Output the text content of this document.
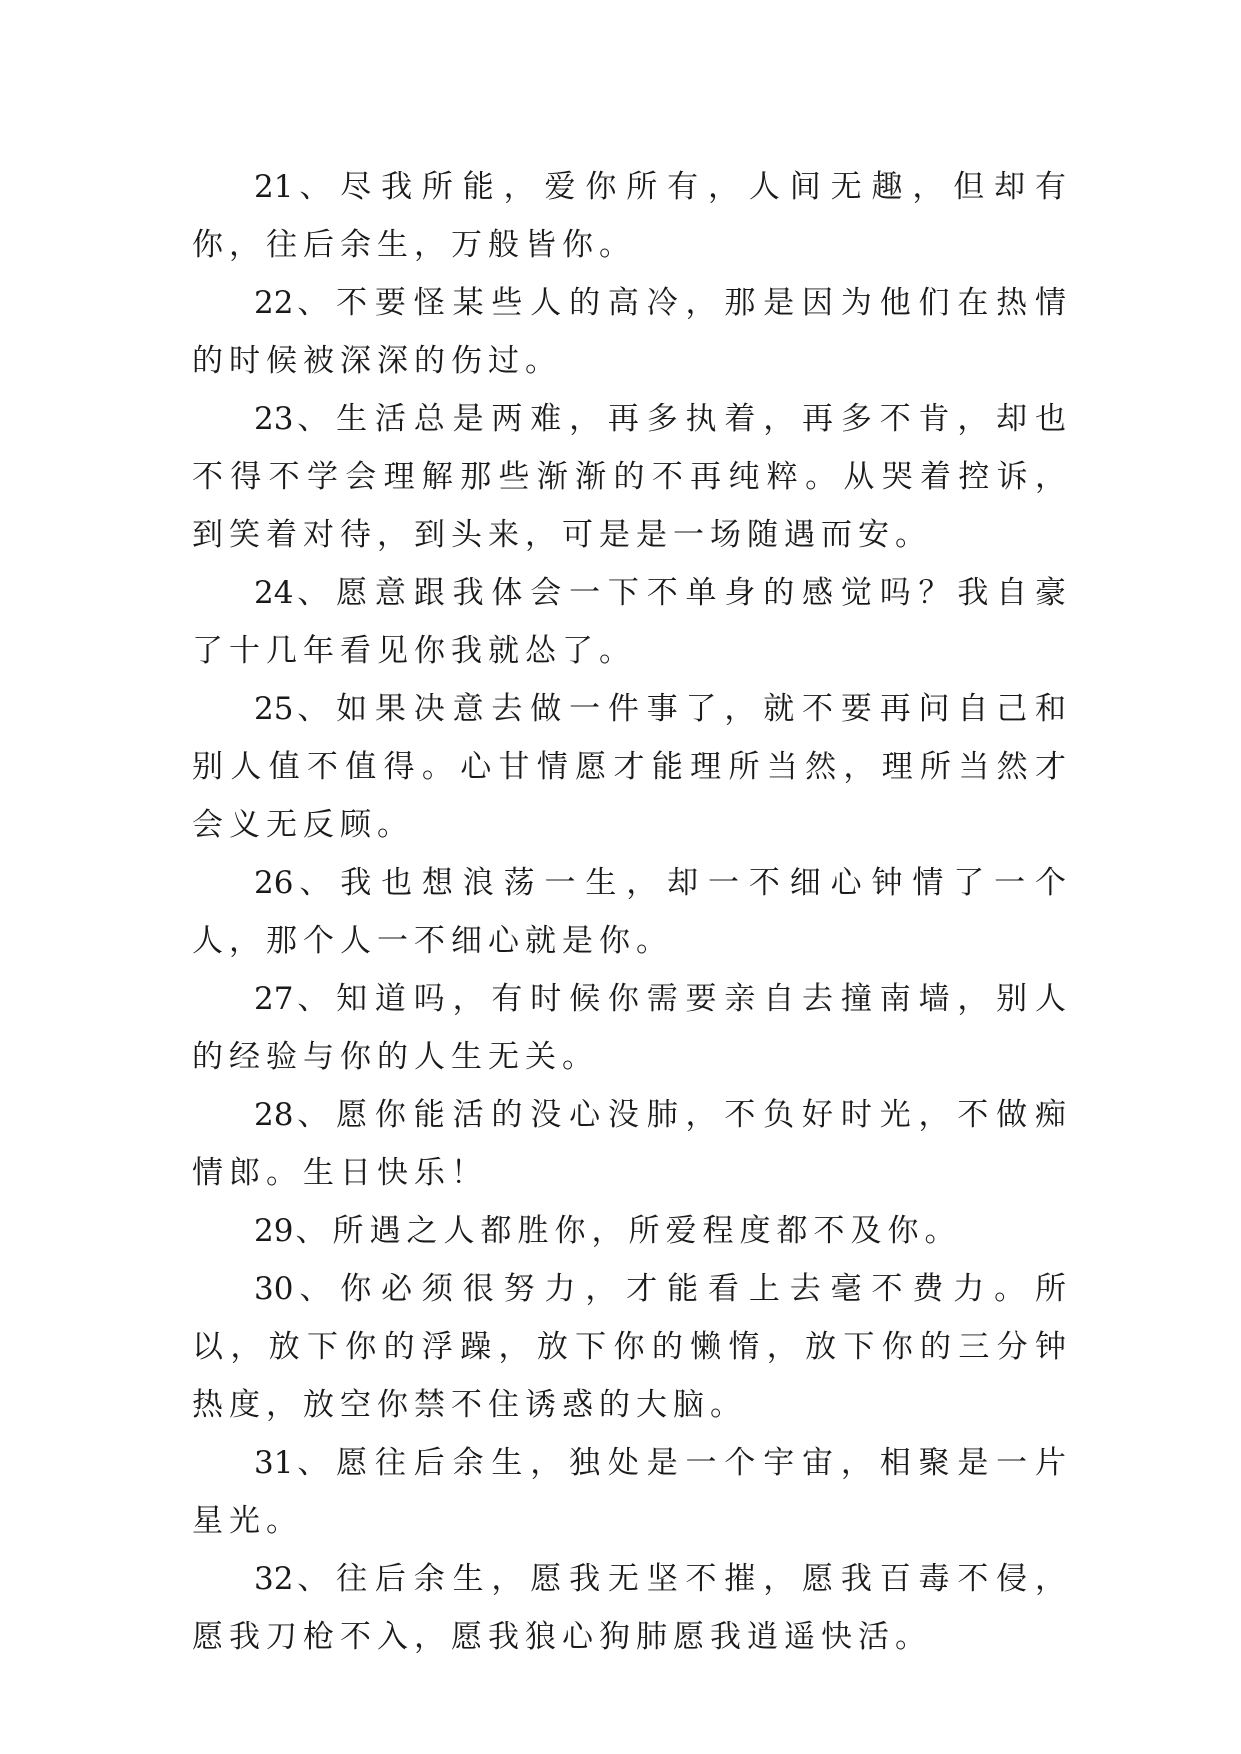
21、尽我所能，爱你所有，人间无趣，但却有你，往后余生，万般皆你。

22、不要怪某些人的高冷，那是因为他们在热情的时候被深深的伤过。

23、生活总是两难，再多执着，再多不肯，却也不得不学会理解那些渐渐的不再纯粹。从哭着控诉，到笑着对待，到头来，可是是一场随遇而安。

24、愿意跟我体会一下不单身的感觉吗？我自豪了十几年看见你我就怂了。

25、如果决意去做一件事了，就不要再问自己和别人值不值得。心甘情愿才能理所当然，理所当然才会义无反顾。

26、我也想浪荡一生，却一不细心钟情了一个人，那个人一不细心就是你。

27、知道吗，有时候你需要亲自去撞南墙，别人的经验与你的人生无关。

28、愿你能活的没心没肺，不负好时光，不做痴情郎。生日快乐！

29、所遇之人都胜你，所爱程度都不及你。

30、你必须很努力，才能看上去毫不费力。所以，放下你的浮躁，放下你的懒惰，放下你的三分钟热度，放空你禁不住诱惑的大脑。

31、愿往后余生，独处是一个宇宙，相聚是一片星光。

32、往后余生，愿我无坚不摧，愿我百毒不侵，愿我刀枪不入，愿我狼心狗肺愿我逍遥快活。
